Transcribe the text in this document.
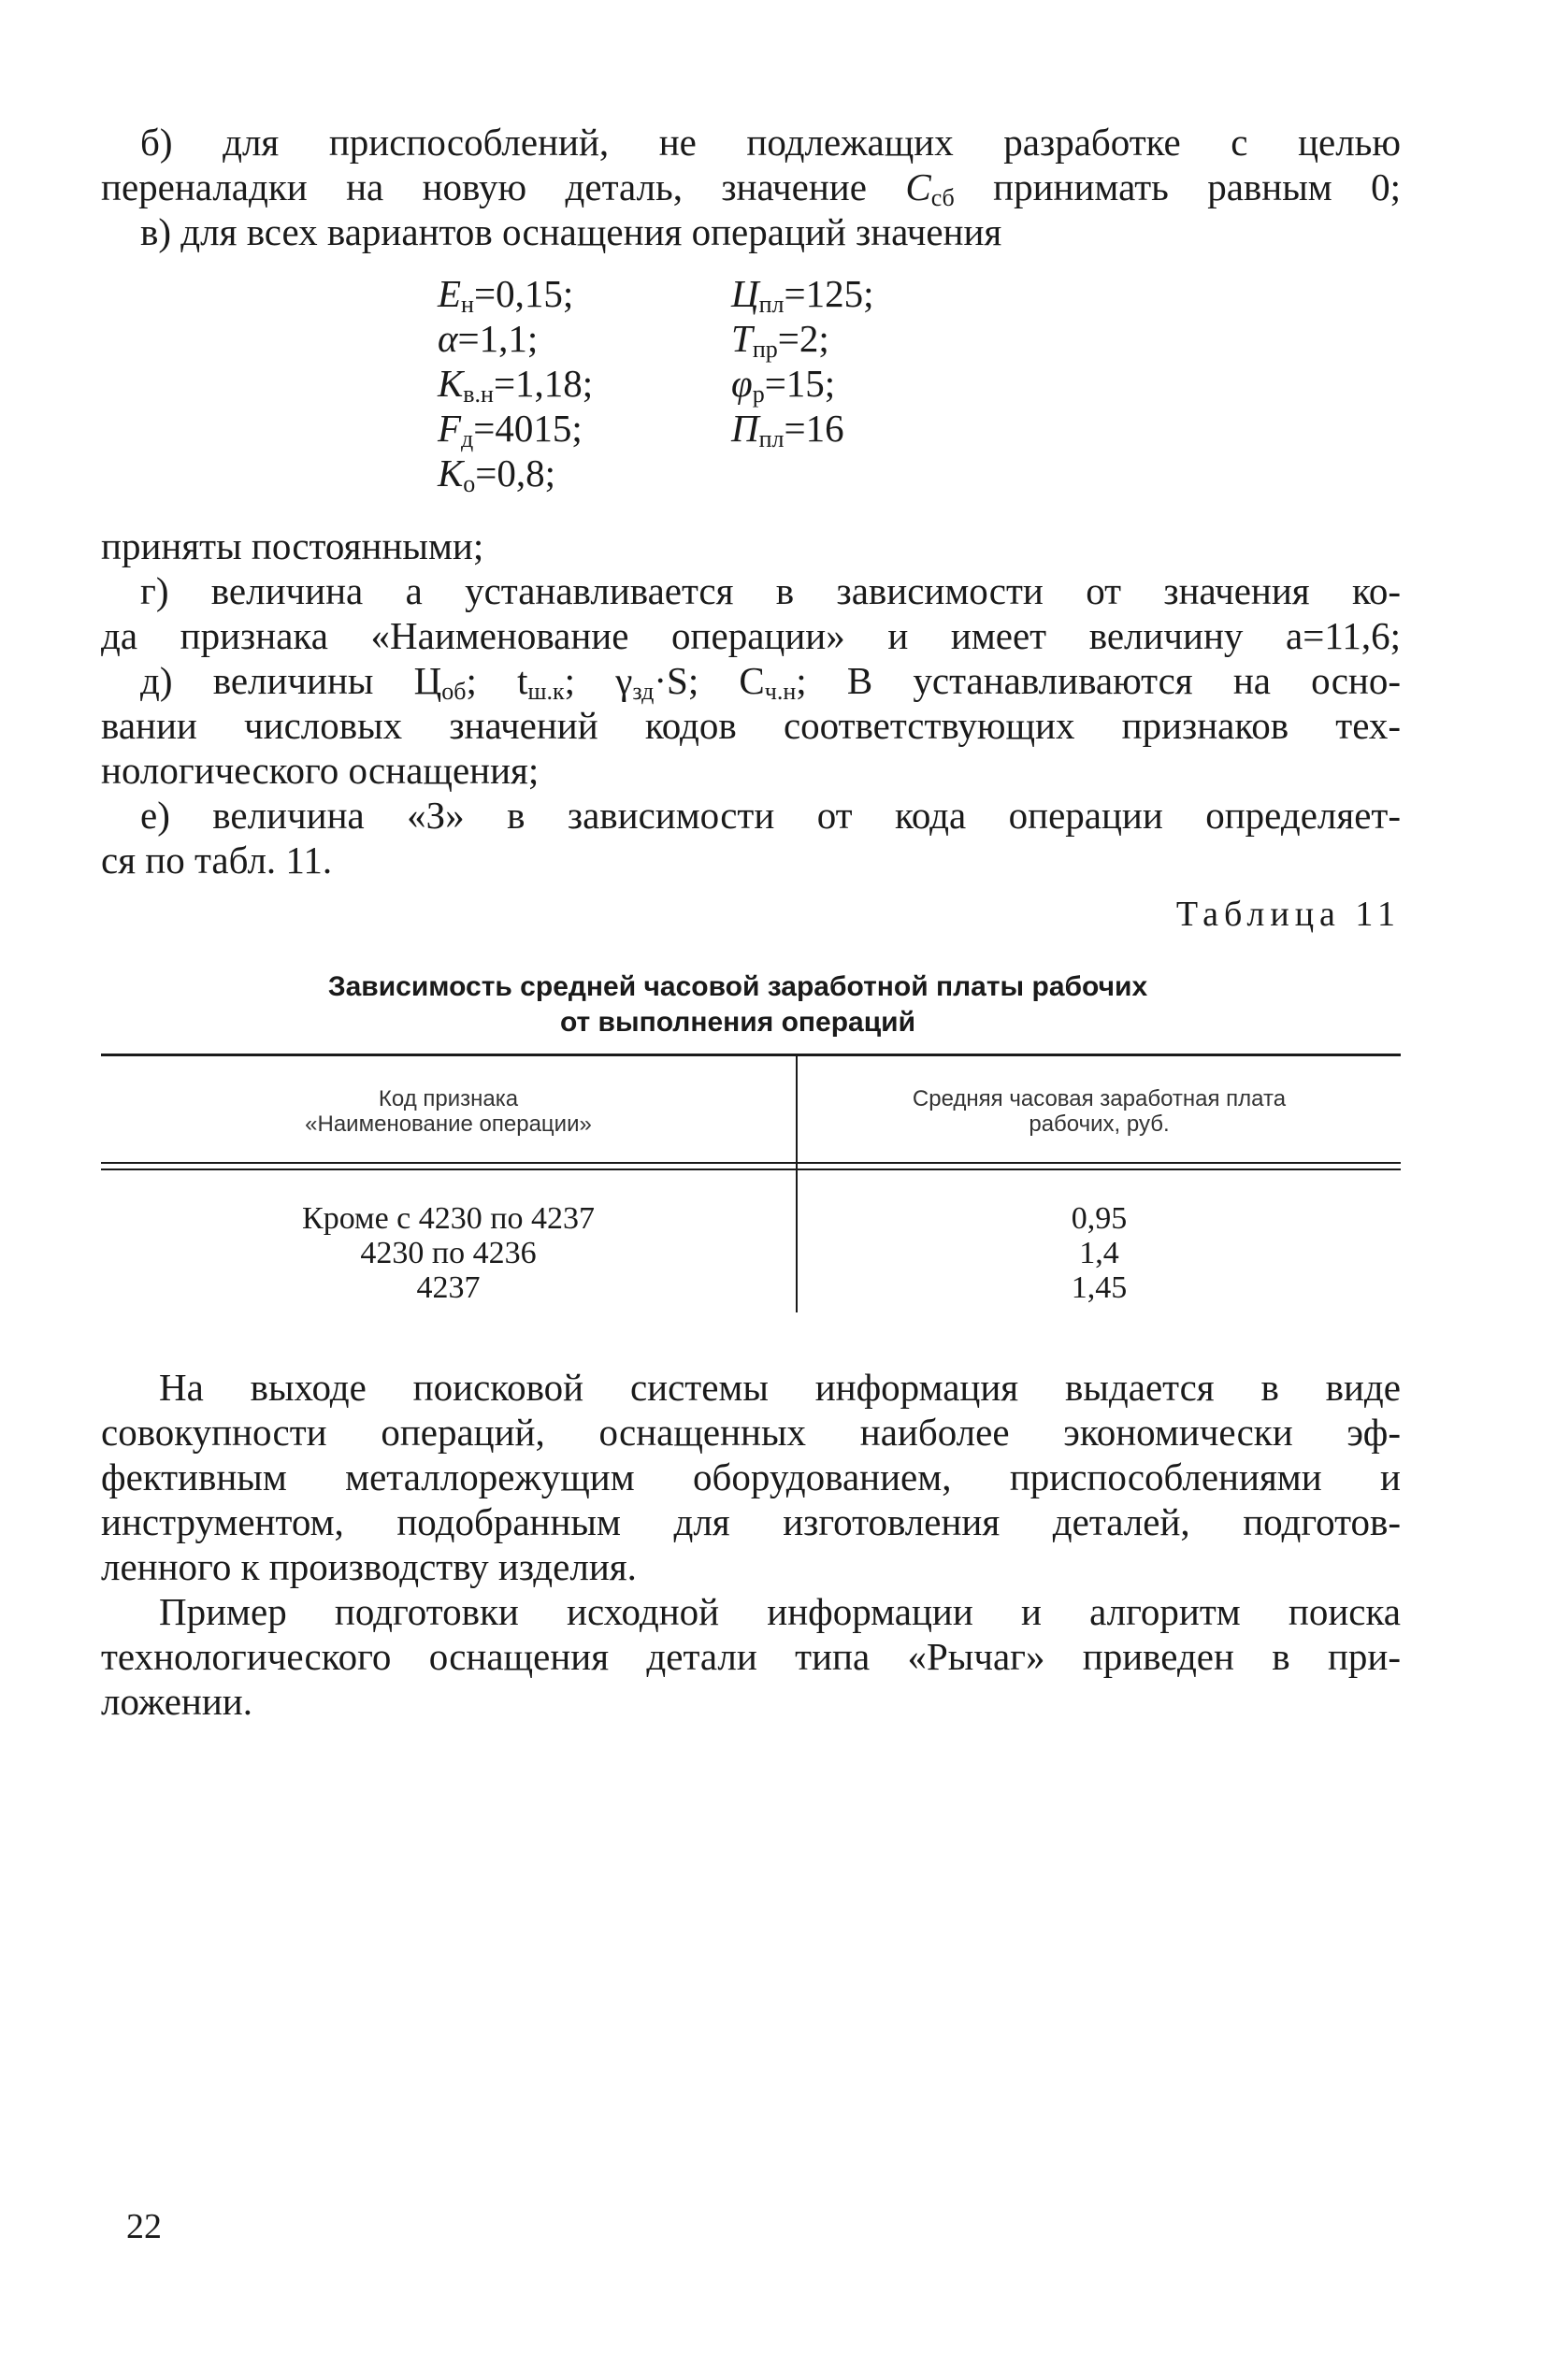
б) для приспособлений, не подлежащих разработке с целью
переналадки на новую деталь, значение $С_{сб}$ принимать равным 0;
в) для всех вариантов оснащения операций значения
$Е_н=0,15$;
α=1,1;
$К_{в.н}=1,18$;
$F_д=4015$;
$К_о=0,8$;
$Ц_{пл}=125$;
$Т_{пр}=2$;
$\varphi_р=15$;
$П_{пл}=16$
приняты постоянными;
г) величина a устанавливается в зависимости от значения ко-
да признака «Наименование операции» и имеет величину a=11,6;
д) величины $Ц_{об}$; $t_{ш.к}$; $\gamma_{зд}\cdot S$; $С_{ч.н}$; В устанавливаются на осно-
вании числовых значений кодов соответствующих признаков тех-
нологического оснащения;
е) величина «З» в зависимости от кода операции определяет-
ся по табл. 11.
Таблица 11
Зависимость средней часовой заработной платы рабочих
от выполнения операций
Код признака
«Наименование операции»
Средняя часовая заработная плата
рабочих, руб.
Кроме с 4230 по 4237
4230 по 4236
4237
0,95
1,4
1,45
На выходе поисковой системы информация выдается в виде
совокупности операций, оснащенных наиболее экономически эф-
фективным металлорежущим оборудованием, приспособлениями и
инструментом, подобранным для изготовления деталей, подготов-
ленного к производству изделия.
Пример подготовки исходной информации и алгоритм поиска
технологического оснащения детали типа «Рычаг» приведен в при-
ложении.
22
